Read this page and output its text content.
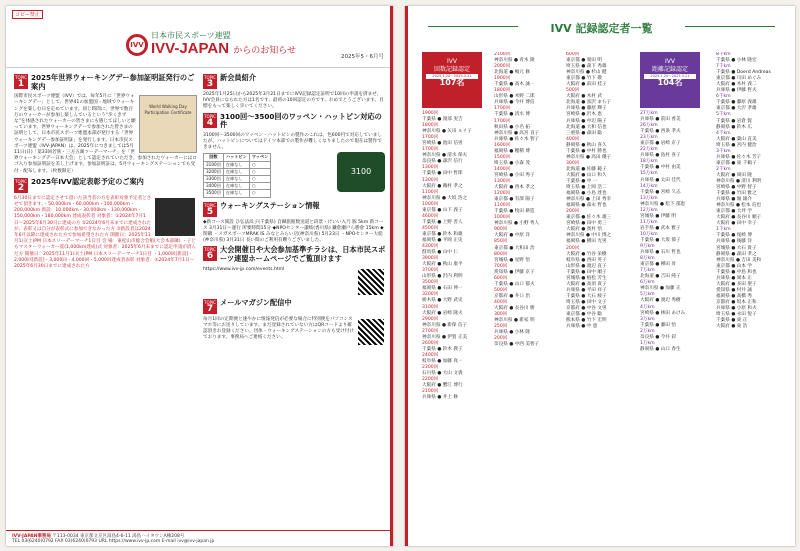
コピー禁止
IVV
日本市民スポーツ連盟
IVV-JAPAN からのお知らせ
2025年5・6月号
TOPIC
1
2025年世界ウォーキングデー参加証明証発行のご案内
World Walking Day Participation Certificate

国際市民スポーツ連盟（IVV）では、毎年5月に「世界ウォーキングデー」として、世界41の加盟国・地域でウォーキングを楽しむ日を定めています。同じ時間に、世界で数百万のウォーカーが参加し楽しんでいるという“歩くきずな”を体感されたウォーカーの皆さまにも感じてほしいと願っています。世界ウォーキングデーで参加された皆さまの証明として、日本市民スポーツ連盟本部が発行する「世界ウォーキングデー参加証明証」を発行します。日本市民スポーツ連盟（IVV-JAPAN）は、2025年につきましては5月11日(日)「第33回若狭・三方五湖ツーデーマーチ」を「世界ウォーキングデー日本大会」として認定されていただき、参加されたウォーカーにはロゴ入り参加証明証を差し上げます。参加証明証は、5月ウォーキングステーションでも受付・配布します。（枚数限定）

TOPIC
2
2025年IVV認定表彰予定のご案内

6月30日までに認定させて頂いた該当者の方を表彰対象予定者とさせて頂きます。・50,000km・60,000km・100,000km・200,000km 新設：10,000km・30,000km・130,000km・150,000km・180,000km 達成表彰者 対象者：①2024年7月1日〜2025年6月30日に達成の方 ②2024年6月末までに達成されたが、表彰又は自分が表彰式に参加できなかった方 ③新設者は2024年6月以降に達成された方で参加希望された方 開催日：2025年11月1日(土)PM 日本スリーデーマーチ1日目 会 場：東松山市総合会館(大会本部隣) ・子どもマスターウォーカー賞(1,000km達成)式 対象者：2025年6月末までに認定申請が済んだ方 開催日：2025年11月1日(土)PM 日本スリーデーマーチ1日目 ・1,000回[新設]・2,000回[新設]・3,000回・4,000回・5,000回達成者表彰 対象者：①2024年7月1日〜2025年6月30日までに達成された方

TOPIC
3
新会員紹介

2025年1月25日から2025年3月21日までにIVV記録認定証明で10回の申請を済ませ、IVV会員になられた方は1名です。最初の10回認定の方です。おめでとうございます。目標をもって楽しく歩いてください。

TOPIC
4
3100回〜3500回のワッペン・ハットピン対応の件

3100回〜3500回のワッペン・ハットピンの製作のこれは、色600円で対応していましたが、ハットピンについてはドイツ本部での製作が難しくなりましたので現在は製作できません。

3100
回数	ハットピン	ワッペン
3100回	在庫なし	○
3200回	在庫なし	○
3300回	在庫なし	○
3400回	在庫なし	○
3500回	在庫なし	○
TOPIC
5
ウォーキングステーション情報

◆新コース開設 ひ弘法浜子(千葉県) 自棘旅館数送道と段景・けいい入乃 豚 5km 新コース 3月31日〜運行 所要時間15分 ◆NPOセンター讃岐(香川県) 鎌倉瀬戸ら勝倉 15km ◆閉鎖 ・メガスポーツMRAK IS みなとみらい店(神奈川県) 5月23日 ・NPOセンター大船(神奈川県) 3月31日 長い間のご利用有難うございました。

TOPIC
6
大会開催日や大会参加基準チラシは、日本市民スポーツ連盟ホームページでご覧頂けます

https://www.ivv-jp.com/events.html

TOPIC
7
メールマガジン配信中

毎月1回の定期便と速やかに情報発信が必要な場合に特別便をパソコンスマホ等にお送りしています。まだ登録されていない方はQRコードより確認頂きお登録ください。団体・ウォーキングステーションの方も受け付けております。事務局へご連絡ください。

IVV-JAPAN事務局 〒113-0034 東京都文京区湯島4-6-11 湯島ハイタウンA棟208号
TEL 03(6240)0792 FAX 03(6240)0793 URL https://www.ivv-jp.com E-mail ivv@ivv-japan.jp
IVV 記録認定者一覧
IVV
回数記録認定
2025.1.20〜2025.3.21
107名
1900回
千葉県 ● 渡部 実吉
1800回
神奈川県 ● 矢田 ルリ子
1700回
宮崎県 ● 池田 信男
1700回
神奈川県 ● 清水 保夫
奈良県 ● 森沢 信行
1300回
千葉県 ● 田中 哲郎
1300回
大阪府 ● 鵜村 孝之
1100回
神奈川県 ● 大坂 浩之
1000回
東京都 ● 山下 義子
4600回
千葉県 ● 上野 善人
4500回
東京都 ● 鈴木 和雄
福岡県 ● 平岡 正史
4300回
群馬県 ● 山中 仁
3900回
大阪府 ● 秋山 康平
3700回
山形県 ● 沢内 利明
3500回
福岡県 ● 石田 伸一
3200回
栃木県 ● 大野 武史
3100回
大阪府 ● 岩崎 隆夫
2900回
神奈川県 ● 新保 信子
2700回
神奈川県 ● 伊賀 正美
2600回
千葉県 ● 鈴木 教子
2400回
岐阜県 ● 加藤 真一
2300回
石川県 ● 大山 文義
2200回
大阪府 ● 蟹江 博行
2100回
兵庫県 ● 井上 修
2100回
神奈川県 ● 青木 隆
2000回
北海道 ● 嶋元 修
1900回
千葉県 ● 高木 誠一
1800回
山形県 ● 木野 二郎
兵庫県 ● 今井 博信
1700回
千葉県 ● 清水 博
1700回
秋田県 ● 小名 拓
神奈川県 ● 高宮 良子
兵庫県 ● 佐々木 智子
1600回
福岡県 ● 穂積 博
1500回
埼玉県 ● 小森 茂
1400回
宮崎県 ● 小田 秀子
1300回
大阪府 ● 西本 孝之
1200回
東京都 ● 有澤 陽子
1100回
千葉県 ● 牧田 耕造
1000回
神奈川県 ● 小野 秀人
900回
大阪府 ● 中原 洋
850回
東京都 ● 大和田 治
800回
宮城県 ● 星野 悟
700回
愛知県 ● 伊藤 京子
600回
千葉県 ● 山口 郁夫
500回
京都府 ● 井口 治
400回
大阪府 ● 長谷川 勝
300回
神奈川県 ● 新家 明
250回
兵庫県 ● 小林 隆
200回
奈良県 ● 中西 美智子
600回
東京都 ● 栗田 明
埼玉県 ● 森下 秀雄
神奈川県 ● 杉山 健
東京都 ● 竹下 敬
大阪府 ● 前田 桂子
500回
大阪府 ● 木村 武
北海道 ● 富沢 まち子
兵庫県 ● 藤原 輝子
宮崎県 ● 沢木 恵
兵庫県 ● 中辺 陽子
北海道 ● 大和 信也
三重県 ● 森田 聡
400回
静岡県 ● 秋山 喜久
千葉県 ● 中村 勝也
神奈川県 ● 高田 優子
300回
北海道 ● 佐藤 範子
大阪府 ● 山口 和久
千葉県 ● 中 一
埼玉県 ● 上岡 浩二
福岡県 ● 小島 達也
神奈川県 ● 上田 秀幸
福岡県 ● 森永 哲也
200回
東京都 ● 佐々木 雄三
宮崎県 ● 田中 勇三
大阪府 ● 奥村 悟
神奈川県 ● 中川 博之
福岡県 ● 横田 光男
200回
大阪府 ● 竹谷 栄樹
岐阜県 ● 西田 英子
山形県 ● 渡辺 直子
千葉県 ● 田中 順子
宮城県 ● 植松 芳生
大阪府 ● 高須 貴子
兵庫県 ● 平田 祥子
千葉県 ● 大石 綾子
埼玉県 ● 田中 文子
京都府 ● 中谷 文男
東京都 ● 中谷 聡
熊本県 ● 竹下 宏明
兵庫県 ● 中 恵
IVV
距離記録認定
2025.1.20〜2025.3.21
104名
27万km
兵庫県 ● 前田 香美
26万km
千葉県 ● 西条 孝夫
23万km
東京都 ● 岩崎 京子
22万km
兵庫県 ● 島村 喜子
18万km
千葉県 ● 中村 由美
15万km
兵庫県 ● 太田 佳代
14万km
千葉県 ● 宮崎 久志
13万km
神奈川県 ● 松下 郁恵
12万km
宮城県 ● 伊藤 明
11万km
岩手県 ● 武本 雅子
10万km
千葉県 ● 大坂 節子
9万km
兵庫県 ● 石川 哲也
8万km
東京都 ● 柳田 昇
7万km
北海道 ● 吉田 純子
6万km
神奈川県 ● 加藤 正
5万km
大阪府 ● 渡辺 秀樹
4万km
宮崎県 ● 林田 あけみ
3万km
千葉県 ● 藤田 悟
2万km
奈良県 ● 今井 彩
1万km
静岡県 ● 山口 春生
8千km
千葉県 ● 小林 隆宏
7千km
千葉県 ● Doerd Andreas
東京都 ● 川田 めぐみ
大阪府 ● 木村 義二
兵庫県 ● 伊藤 哲夫
6千km
千葉県 ● 藤原 義雄
東京都 ● 大沢 孝雄
5千km
千葉県 ● 岩倉 賢
静岡県 ● 鈴木 広
4千km
大阪府 ● 葉山 直美
埼玉県 ● 宮内 健治
3千km
兵庫県 ● 佐々木 芳子
東京都 ● 東 千鶴子
2千km
大阪府 ● 岡田 隆
神奈川県 ● 清川 利明
宮崎県 ● 中野 智子
千葉県 ● 竹田 雅之
兵庫県 ● 堀 雄介
神奈川県 ● 松本 信也
東京都 ● 大坪 学
大阪府 ● 長谷川 順子
大阪府 ● 田中 幸子
1千km
千葉県 ● 尾崎 博
兵庫県 ● 後藤 洋
宮城県 ● 大石 貴子
静岡県 ● 森田 孝之
神奈川県 ● 吉田 美和
東京都 ● 山本 学
千葉県 ● 中島 和也
兵庫県 ● 岡本 正
大阪府 ● 多田 聖子
愛知県 ● 村井 誠
福岡県 ● 高橋 秀
京都府 ● 坂本 正和
兵庫県 ● 小原 和夫
埼玉県 ● 永田 悦子
千葉県 ● 東 正
大阪府 ● 東 浩
